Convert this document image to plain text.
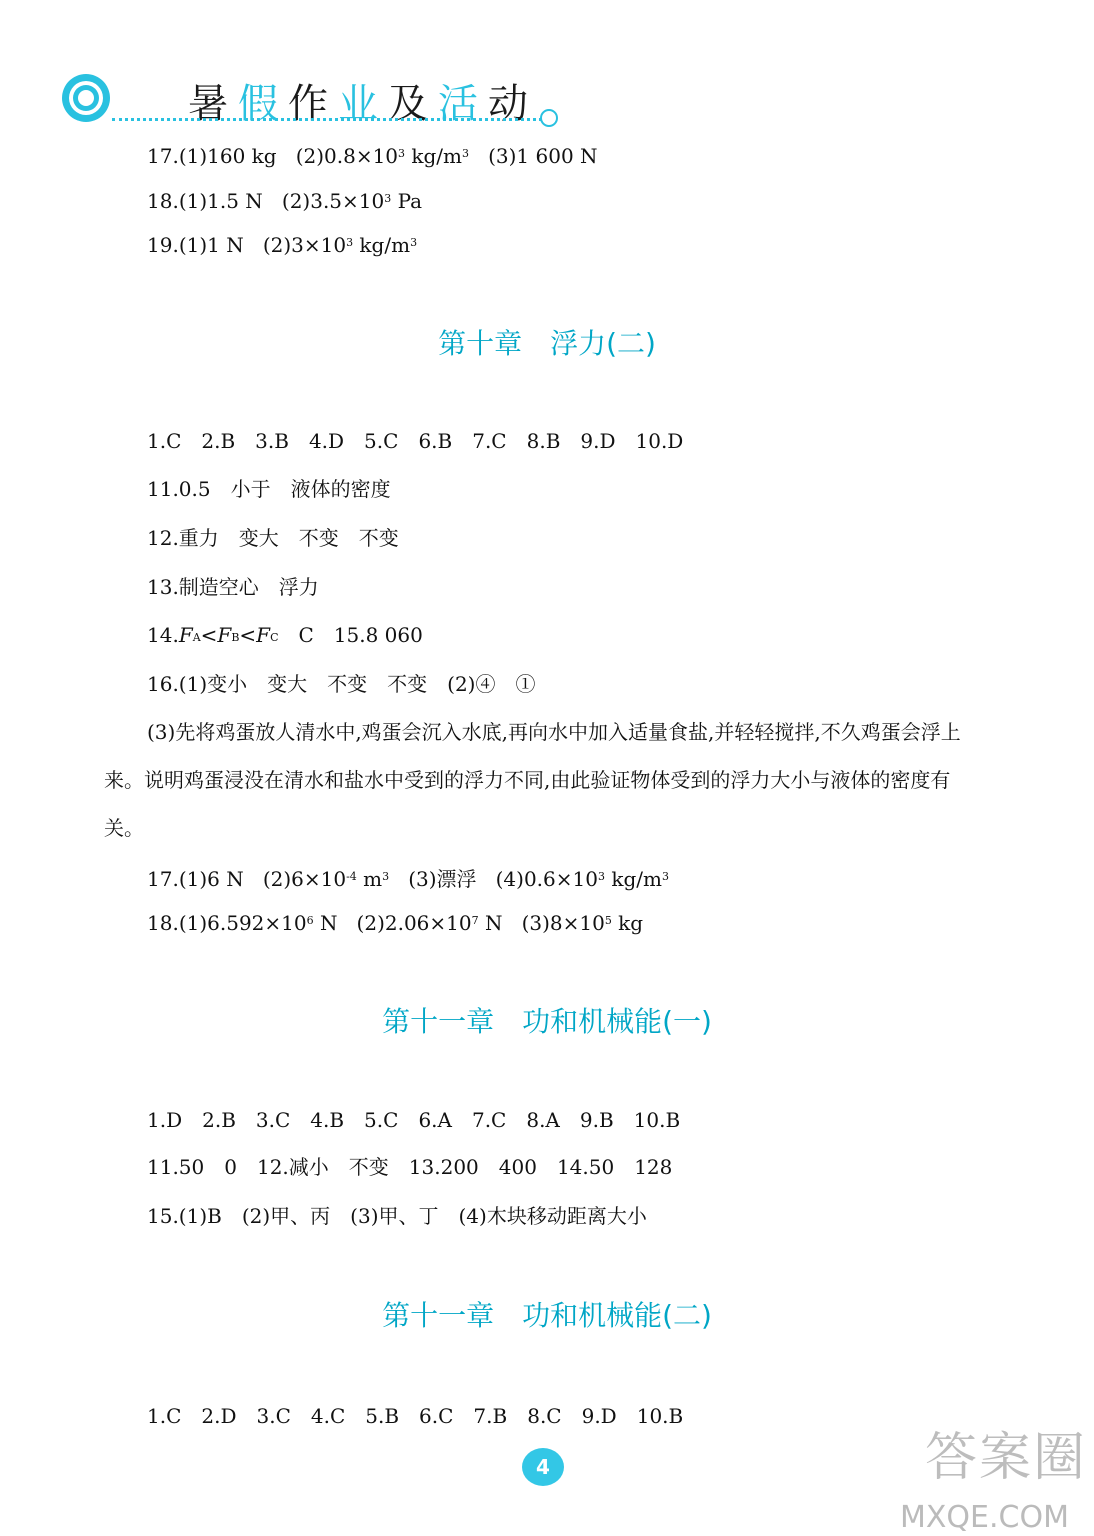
暑假作业及活动
17.(1)160 kg $(2)0.8\times 10^3$ $kg/m^3$ (3)1 600 N
18.(1)1.5 N $(2)3.5\times 10^3$ Pa
19.(1)1 N $(2)3\times 10^3$ $kg/m^3$
第十章　浮力(二)
1.C　2.B　3.B　4.D　5.C　6.B　7.C　8.B　9.D　10.D
11.0.5　小于　液体的密度
12.重力　变大　不变　不变
13.制造空心　浮力
$14.F_A<F_B<F_C$　C　15.8 060
16.(1)变小　变大　不变　不变　(2)④　①
(3)先将鸡蛋放人清水中,鸡蛋会沉入水底,再向水中加入适量食盐,并轻轻搅拌,不久鸡蛋会浮上来。说明鸡蛋浸没在清水和盐水中受到的浮力不同,由此验证物体受到的浮力大小与液体的密度有关。
17.(1)6 N $(2)6\times 10^{-4}$ $m^3$ (3)漂浮 $(4)0.6\times 10^3$ $kg/m^3$
$18.(1)6.592\times 10^6$ N $(2)2.06\times 10^7$ N $(3)8\times 10^5$ kg
第十一章　功和机械能(一)
1.D　2.B　3.C　4.B　5.C　6.A　7.C　8.A　9.B　10.B
11.50　0　12.减小　不变　13.200　400　14.50　128
15.(1)B　(2)甲、丙　(3)甲、丁　(4)木块移动距离大小
第十一章　功和机械能(二)
1.C　2.D　3.C　4.C　5.B　6.C　7.B　8.C　9.D　10.B
4	答案圈
MXQE.COM
